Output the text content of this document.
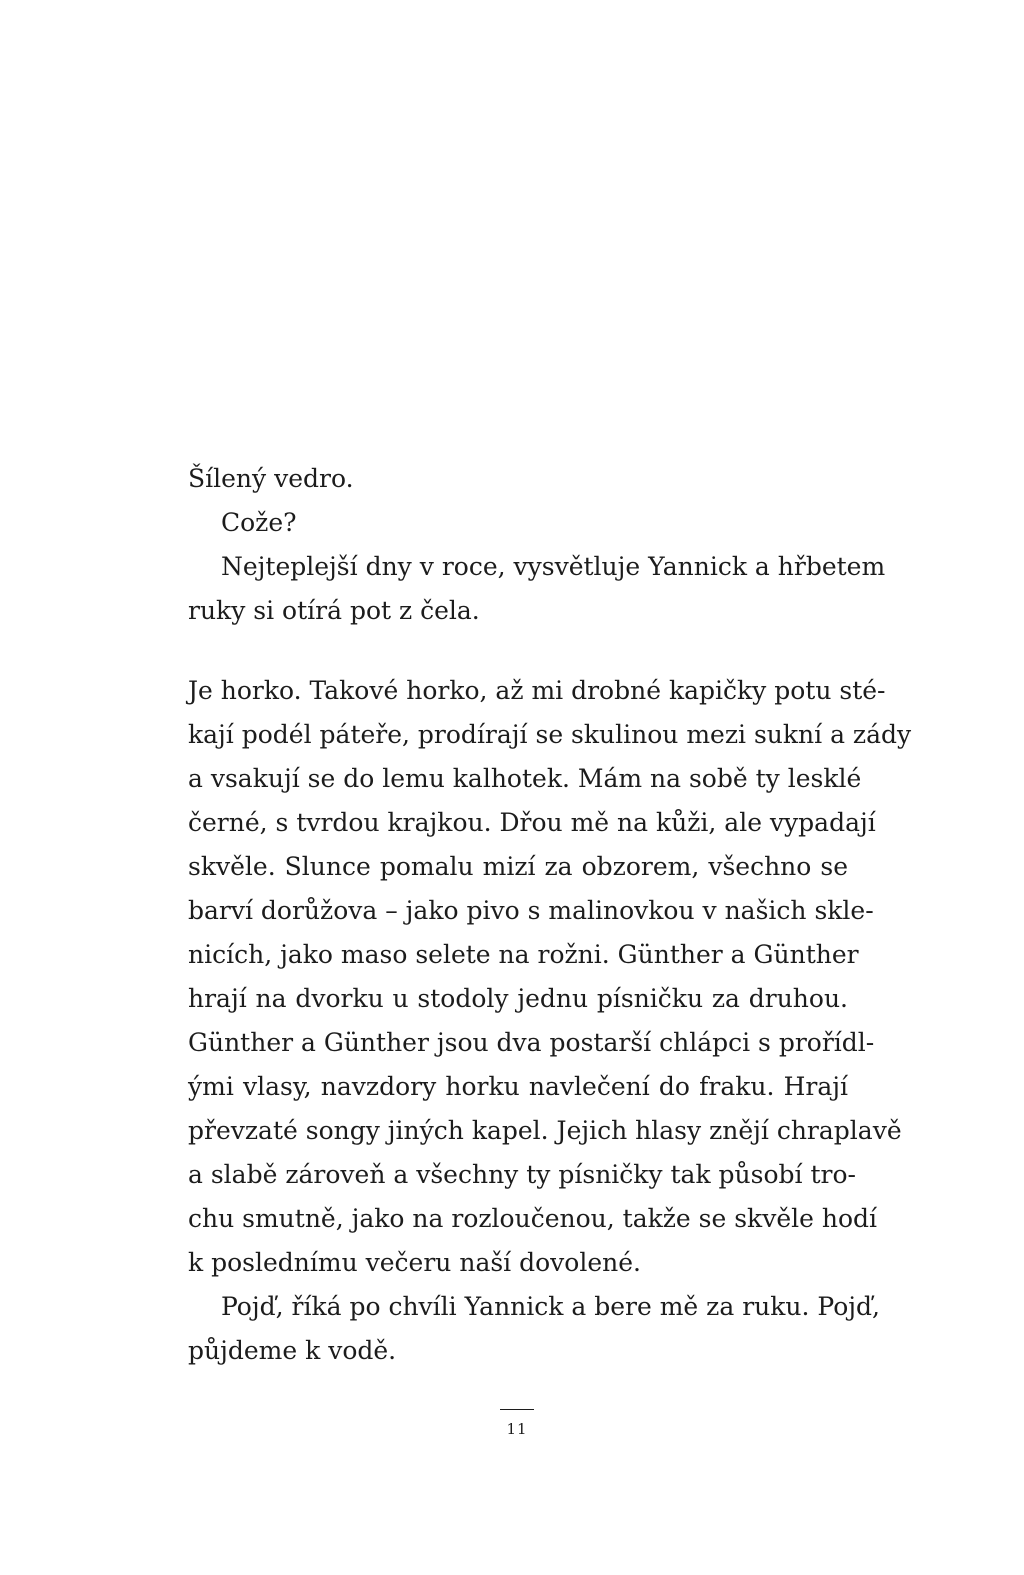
Šílený vedro.
Cože?
Nejteplejší dny v roce, vysvětluje Yannick a hřbetem
ruky si otírá pot z čela.
Je horko. Takové horko, až mi drobné kapičky potu sté-
kají podél páteře, prodírají se skulinou mezi sukní a zády
a vsakují se do lemu kalhotek. Mám na sobě ty lesklé
černé, s tvrdou krajkou. Dřou mě na kůži, ale vypadají
skvěle. Slunce pomalu mizí za obzorem, všechno se
barví dorůžova – jako pivo s malinovkou v našich skle-
nicích, jako maso selete na rožni. Günther a Günther
hrají na dvorku u stodoly jednu písničku za druhou.
Günther a Günther jsou dva postarší chlápci s prořídl-
ými vlasy, navzdory horku navlečení do fraku. Hrají
převzaté songy jiných kapel. Jejich hlasy znějí chraplavě
a slabě zároveň a všechny ty písničky tak působí tro-
chu smutně, jako na rozloučenou, takže se skvěle hodí
k poslednímu večeru naší dovolené.
Pojď, říká po chvíli Yannick a bere mě za ruku. Pojď,
půjdeme k vodě.
11
